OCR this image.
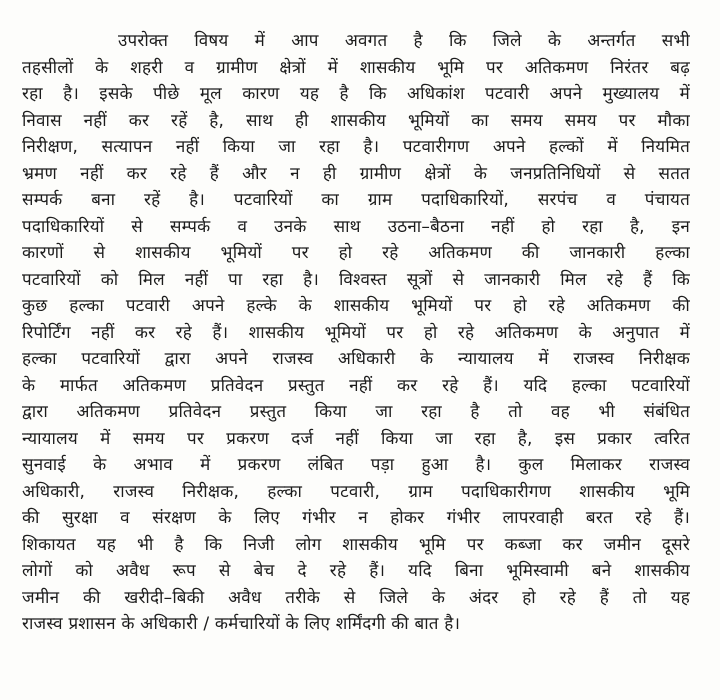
उपरोक्त विषय में आप अवगत है कि जिले के अन्तर्गत सभी
तहसीलों के शहरी व ग्रामीण क्षेत्रों में शासकीय भूमि पर अतिकमण निरंतर बढ़
रहा है। इसके पीछे मूल कारण यह है कि अधिकांश पटवारी अपने मुख्यालय में
निवास नहीं कर रहें है, साथ ही शासकीय भूमियों का समय समय पर मौका
निरीक्षण, सत्यापन नहीं किया जा रहा है। पटवारीगण अपने हल्कों में नियमित
भ्रमण नहीं कर रहे हैं और न ही ग्रामीण क्षेत्रों के जनप्रतिनिधियों से सतत
सम्पर्क बना रहें है। पटवारियों का ग्राम पदाधिकारियों, सरपंच व पंचायत
पदाधिकारियों से सम्पर्क व उनके साथ उठना–बैठना नहीं हो रहा है, इन
कारणों से शासकीय भूमियों पर हो रहे अतिकमण की जानकारी हल्का
पटवारियों को मिल नहीं पा रहा है। विश्वस्त सूत्रों से जानकारी मिल रहे हैं कि
कुछ हल्का पटवारी अपने हल्के के शासकीय भूमियों पर हो रहे अतिकमण की
रिपोर्टिंग नहीं कर रहे हैं। शासकीय भूमियों पर हो रहे अतिकमण के अनुपात में
हल्का पटवारियों द्वारा अपने राजस्व अधिकारी के न्यायालय में राजस्व निरीक्षक
के मार्फत अतिकमण प्रतिवेदन प्रस्तुत नहीं कर रहे हैं। यदि हल्का पटवारियों
द्वारा अतिकमण प्रतिवेदन प्रस्तुत किया जा रहा है तो वह भी संबंधित
न्यायालय में समय पर प्रकरण दर्ज नहीं किया जा रहा है, इस प्रकार त्वरित
सुनवाई के अभाव में प्रकरण लंबित पड़ा हुआ है। कुल मिलाकर राजस्व
अधिकारी, राजस्व निरीक्षक, हल्का पटवारी, ग्राम पदाधिकारीगण शासकीय भूमि
की सुरक्षा व संरक्षण के लिए गंभीर न होकर गंभीर लापरवाही बरत रहे हैं।
शिकायत यह भी है कि निजी लोग शासकीय भूमि पर कब्जा कर जमीन दूसरे
लोगों को अवैध रूप से बेच दे रहे हैं। यदि बिना भूमिस्वामी बने शासकीय
जमीन की खरीदी–बिकी अवैध तरीके से जिले के अंदर हो रहे हैं तो यह
राजस्व प्रशासन के अधिकारी / कर्मचारियों के लिए शर्मिंदगी की बात है।
